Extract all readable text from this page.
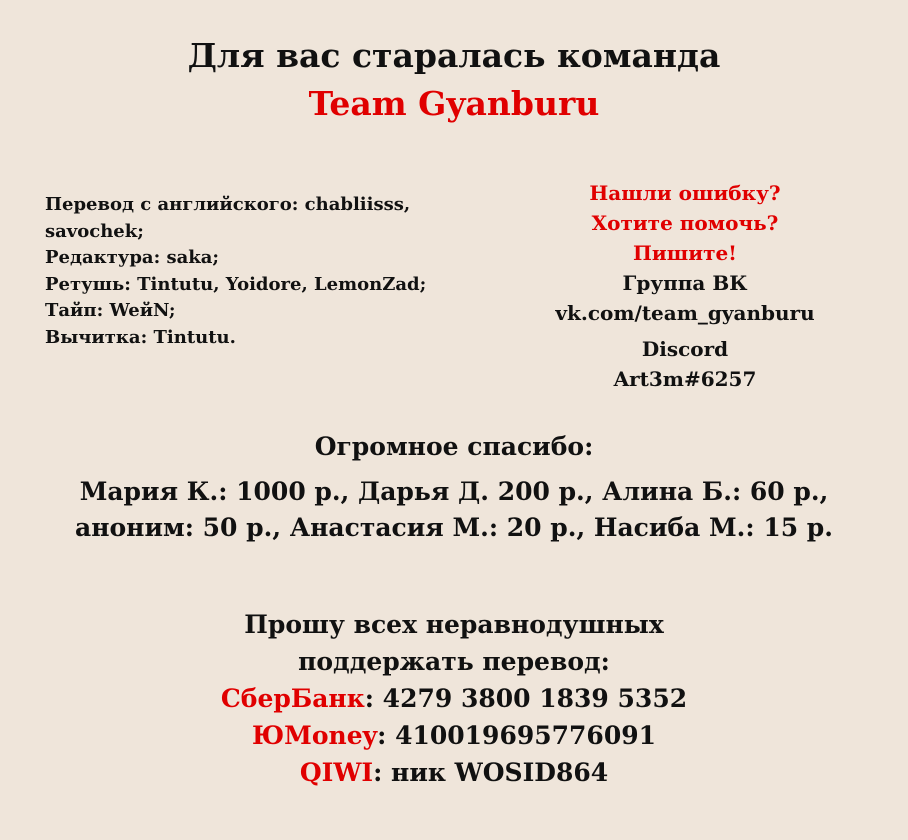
Для вас старалась команда
Team Gyanburu
Перевод с английского: chabliisss,
savochek;
Редактура: saka;
Ретушь: Tintutu, Yoidore, LemonZad;
Тайп: WeйN;
Вычитка: Tintutu.
Нашли ошибку?
Хотите помочь?
Пишите!
Группа ВК
vk.com/team_gyanburu
Discord
Art3m#6257
Огромное спасибо:
Мария К.: 1000 р., Дарья Д. 200 р., Алина Б.: 60 р.,
аноним: 50 р., Анастасия М.: 20 р., Насиба М.: 15 р.
Прошу всех неравнодушных
поддержать перевод:
СберБанк: 4279 3800 1839 5352
ЮMoney: 410019695776091
QIWI: ник WOSID864
